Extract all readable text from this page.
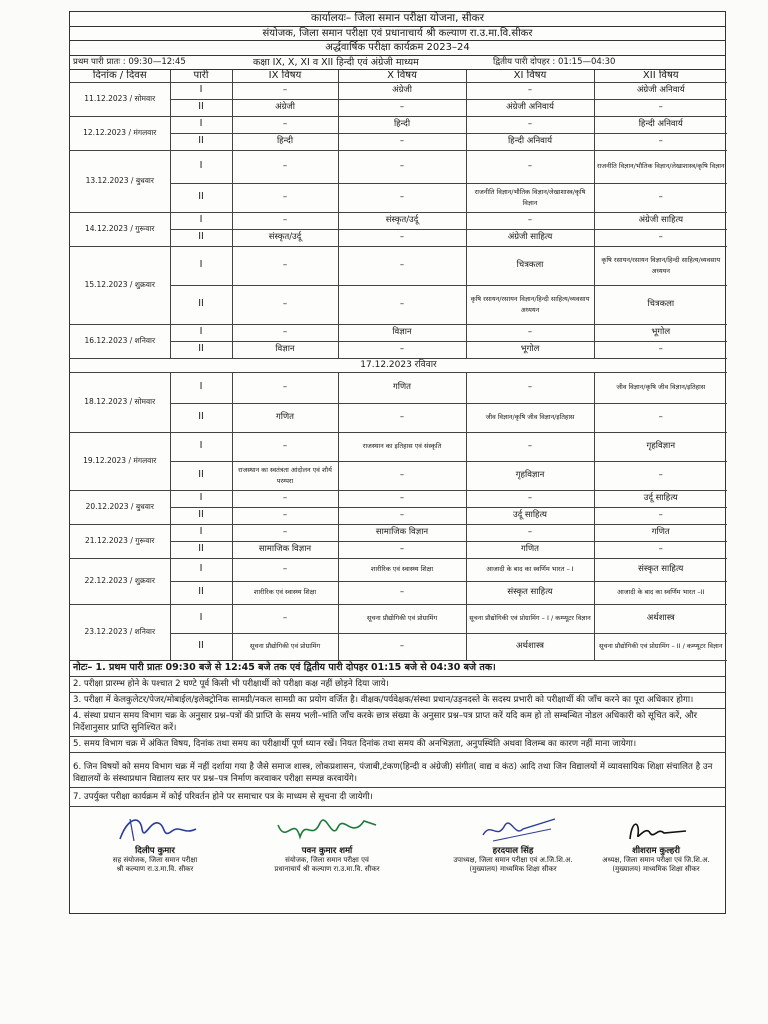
कार्यालयः– जिला समान परीक्षा योजना, सीकर
संयोजक, जिला समान परीक्षा एवं प्रधानाचार्य श्री कल्याण रा.उ.मा.वि.सीकर
अर्द्धवार्षिक परीक्षा कार्यक्रम 2023–24
प्रथम पारी प्रातः : 09:30—12:45	कक्षा IX, X, XI व XII हिन्दी एवं अंग्रेजी माध्यम	द्वितीय पारी दोपहर : 01:15—04:30
दिनांक / दिवस	पारी	IX विषय	X विषय	XI विषय	XII विषय
11.12.2023 / सोमवार	I	–	अंग्रेजी	–	अंग्रेजी अनिवार्य
	II	अंग्रेजी	–	अंग्रेजी अनिवार्य	–
12.12.2023 / मंगलवार	I	–	हिन्दी	–	हिन्दी अनिवार्य
	II	हिन्दी	–	हिन्दी अनिवार्य	–
13.12.2023 / बुधवार	I	–	–	–	राजनीति विज्ञान/भौतिक विज्ञान/लेखाशास्त्र/कृषि विज्ञान
	II	–	–	राजनीति विज्ञान/भौतिक विज्ञान/लेखाशास्त्र/कृषि विज्ञान	–
14.12.2023 / गुरूवार	I	–	संस्कृत/उर्दू	–	अंग्रेजी साहित्य
	II	संस्कृत/उर्दू	–	अंग्रेजी साहित्य	–
15.12.2023 / शुक्रवार	I	–	–	चित्रकला	कृषि रसायन/रसायन विज्ञान/हिन्दी साहित्य/व्यवसाय अध्ययन
	II	–	–	कृषि रसायन/रसायन विज्ञान/हिन्दी साहित्य/व्यवसाय अध्ययन	चित्रकला
16.12.2023 / शनिवार	I	–	विज्ञान	–	भूगोल
	II	विज्ञान	–	भूगोल	–
17.12.2023 रविवार					
18.12.2023 / सोमवार	I	–	गणित	–	जीव विज्ञान/कृषि जीव विज्ञान/इतिहास
	II	गणित	–	जीव विज्ञान/कृषि जीव विज्ञान/इतिहास	–
19.12.2023 / मंगलवार	I	–	राजस्थान का इतिहास एवं संस्कृति	–	गृहविज्ञान
	II	राजस्थान का स्वतंत्रता आंदोलन एवं शौर्य परम्परा	–	गृहविज्ञान	–
20.12.2023 / बुधवार	I	–	–	–	उर्दू साहित्य
	II	–	–	उर्दू साहित्य	–
21.12.2023 / गुरूवार	I	–	सामाजिक विज्ञान	–	गणित
	II	सामाजिक विज्ञान	–	गणित	–
22.12.2023 / शुक्रवार	I	–	शारीरिक एवं स्वास्थ्य शिक्षा	आजादी के बाद का स्वर्णिम भारत – I	संस्कृत साहित्य
	II	शारीरिक एवं स्वास्थ्य शिक्षा	–	संस्कृत साहित्य	आजादी के बाद का स्वर्णिम भारत –II
23.12.2023 / शनिवार	I	–	सूचना प्रौद्योगिकी एवं प्रोग्रामिंग	सूचना प्रौद्योगिकी एवं प्रोग्रामिंग – I / कम्प्यूटर विज्ञान	अर्थशास्त्र
	II	सूचना प्रौद्योगिकी एवं प्रोग्रामिंग	–	अर्थशास्त्र	सूचना प्रौद्योगिकी एवं प्रोग्रामिंग – II / कम्प्यूटर विज्ञान
नोटः– 1. प्रथम पारी प्रातः 09:30 बजे से 12:45 बजे तक एवं द्वितीय पारी दोपहर 01:15 बजे से 04:30 बजे तक।
2. परीक्षा प्रारम्भ होने के पश्चात 2 घण्टे पूर्व किसी भी परीक्षार्थी को परीक्षा कक्ष नहीं छोड़ने दिया जाये।
3. परीक्षा में केलकुलेटर/पेजर/मोबाईल/इलेक्ट्रोनिक सामग्री/नकल सामग्री का प्रयोग वर्जित है। वीक्षक/पर्यवेक्षक/संस्था प्रधान/उड़नदस्ते के सदस्य प्रभारी को परीक्षार्थी की जाँच करने का पूरा अधिकार होगा।
4. संस्था प्रधान समय विभाग चक्र के अनुसार प्रश्न–पत्रों की प्राप्ति के समय भली–भांति जाँच करके छात्र संख्या के अनुसार प्रश्न–पत्र प्राप्त करें यदि कम हो तो सम्बन्धित नोडल अधिकारी को सूचित करें, और निर्देशानुसार प्राप्ति सुनिश्चित करें।
5. समय विभाग चक्र में अंकित विषय, दिनांक तथा समय का परीक्षार्थी पूर्ण ध्यान रखें। नियत दिनांक तथा समय की अनभिज्ञता, अनुपस्थिति अथवा विलम्ब का कारण नहीं माना जायेगा।
6. जिन विषयों को समय विभाग चक्र में नहीं दर्शाया गया है जैसे समाज शास्त्र, लोकप्रशासन, पंजाबी,टंकण(हिन्दी व अंग्रेजी) संगीत( वाद्य व कंठ) आदि तथा जिन विद्यालयों में व्यावसायिक शिक्षा संचालित है उन विद्यालयों के संस्थाप्रधान विद्यालय स्तर पर प्रश्न–पत्र निर्माण करवाकर परीक्षा सम्पन्न करवायेंगे।
7. उपर्युक्त परीक्षा कार्यक्रम में कोई परिवर्तन होने पर समाचार पत्र के माध्यम से सूचना दी जायेगी।
दिलीप कुमार
सह संयोजक, जिला समान परीक्षा
श्री कल्याण रा.उ.मा.वि. सीकर
पवन कुमार शर्मा
संयोजक, जिला समान परीक्षा एवं
प्रधानाचार्य श्री कल्याण रा.उ.मा.वि. सीकर
हरदयाल सिंह
उपाध्यक्ष, जिला समान परीक्षा एवं अ.जि.शि.अ.
(मुख्यालय) माध्यमिक शिक्षा सीकर
शीशराम कुल्हरी
अध्यक्ष, जिला समान परीक्षा एवं जि.शि.अ.
(मुख्यालय) माध्यमिक शिक्षा सीकर
